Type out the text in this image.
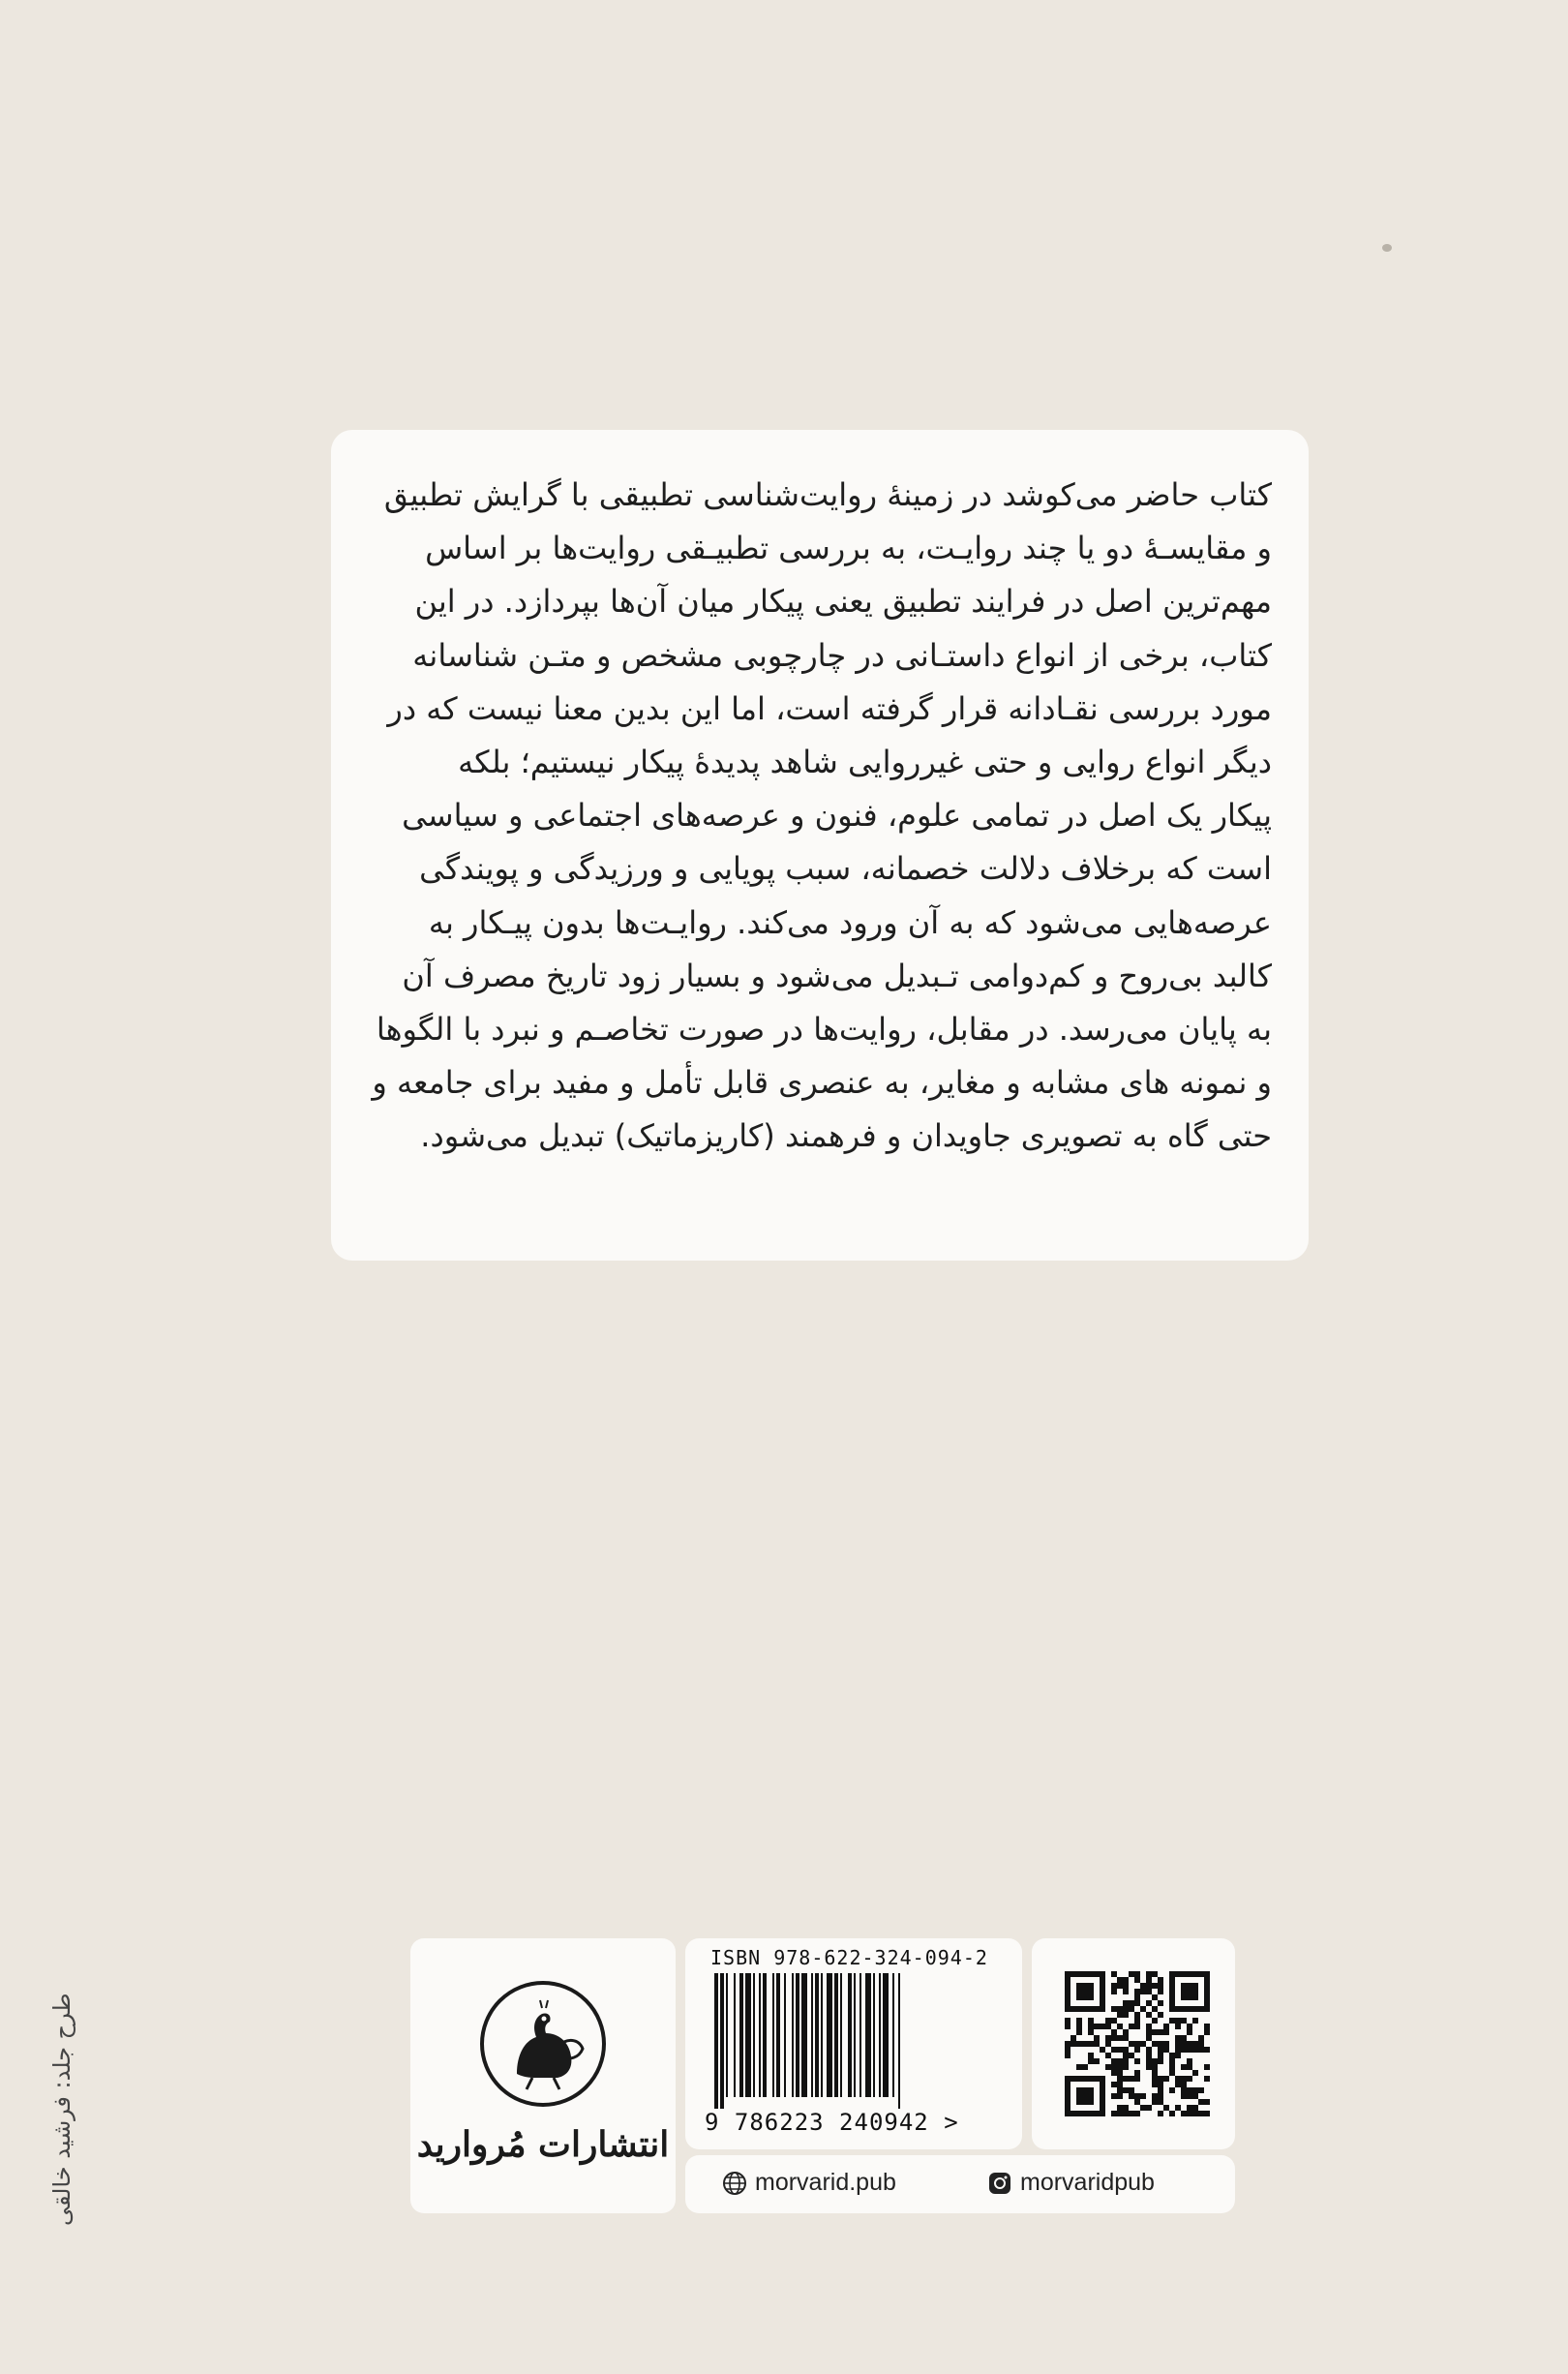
کتاب حاضر می‌کوشد در زمینهٔ روایت‌شناسی تطبیقی با گرایش تطبیق
و مقایسـهٔ دو یا چند روایـت، به بررسی تطبیـقی روایت‌ها بر اساس
مهم‌ترین اصل در فرایند تطبیق یعنی پیکار میان آن‌ها بپردازد. در این
کتاب، برخی از انواع داستـانی در چارچوبی مشخص و متـن شناسانه
مورد بررسی نقـادانه قرار گرفته است، اما این بدین معنا نیست که در
دیگر انواع روایی و حتی غیرروایی شاهد پدیدهٔ پیکار نیستیم؛ بلکه
پیکار یک اصل در تمامی علوم، فنون و عرصه‌های اجتماعی و سیاسی
است که برخلاف دلالت خصمانه، سبب پویایی و ورزیدگی و پویندگی
عرصه‌هایی می‌شود که به آن ورود می‌کند. روایـت‌ها بدون پیـکار به
کالبد بی‌روح و کم‌دوامی تـبدیل می‌شود و بسیار زود تاریخ مصرف آن
به پایان می‌رسد. در مقابل، روایت‌ها در صورت تخاصـم و نبرد با الگوها
و نمونه های مشابه و مغایر، به عنصری قابل تأمل و مفید برای جامعه و
حتی گاه به تصویری جاویدان و فرهمند (کاریزماتیک) تبدیل می‌شود.
طرح جلد: فرشید خالقی	انتشارات مُروارید
ISBN 978-622-324-094-2
9 786223 240942 >
morvarid.pub	morvaridpub
